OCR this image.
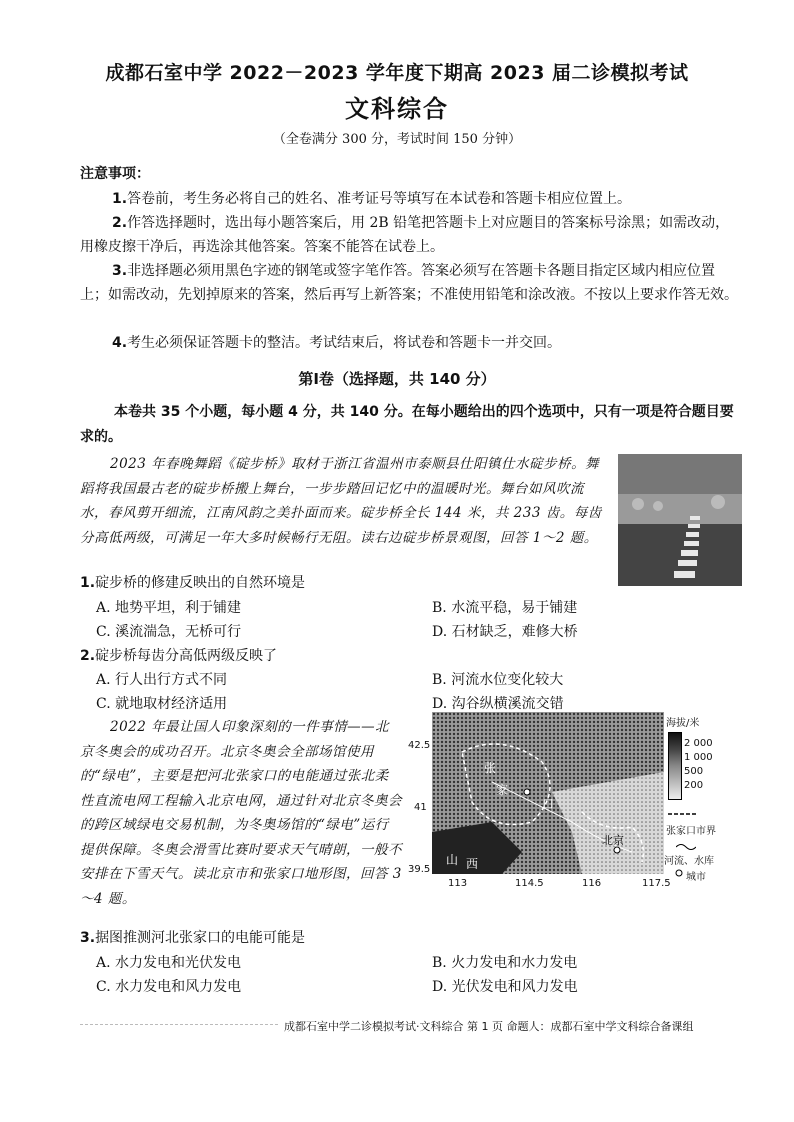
成都石室中学 2022－2023 学年度下期高 2023 届二诊模拟考试
文科综合
（全卷满分 300 分，考试时间 150 分钟）
注意事项：
1.答卷前，考生务必将自己的姓名、准考证号等填写在本试卷和答题卡相应位置上。
2.作答选择题时，选出每小题答案后，用 2B 铅笔把答题卡上对应题目的答案标号涂黑；如需改动，用橡皮擦干净后，再选涂其他答案。答案不能答在试卷上。
3.非选择题必须用黑色字迹的钢笔或签字笔作答。答案必须写在答题卡各题目指定区域内相应位置上；如需改动，先划掉原来的答案，然后再写上新答案；不准使用铅笔和涂改液。不按以上要求作答无效。
4.考生必须保证答题卡的整洁。考试结束后，将试卷和答题卡一并交回。
第Ⅰ卷（选择题，共 140 分）
本卷共 35 个小题，每小题 4 分，共 140 分。在每小题给出的四个选项中，只有一项是符合题目要求的。
2023 年春晚舞蹈《碇步桥》取材于浙江省温州市泰顺县仕阳镇仕水碇步桥。舞蹈将我国最古老的碇步桥搬上舞台，一步步踏回记忆中的温暖时光。舞台如风吹流水，春风剪开细流，江南风韵之美扑面而来。碇步桥全长 144 米，共 233 齿。每齿分高低两级，可满足一年大多时候畅行无阻。读右边碇步桥景观图，回答 1～2 题。
1.碇步桥的修建反映出的自然环境是
A. 地势平坦，利于铺建	B. 水流平稳，易于铺建
C. 溪流湍急，无桥可行	D. 石材缺乏，难修大桥
2.碇步桥每齿分高低两级反映了
A. 行人出行方式不同	B. 河流水位变化较大
C. 就地取材经济适用	D. 沟谷纵横溪流交错
2022 年最让国人印象深刻的一件事情——北京冬奥会的成功召开。北京冬奥会全部场馆使用的“绿电”，主要是把河北张家口的电能通过张北柔性直流电网工程输入北京电网，通过针对北京冬奥会的跨区域绿电交易机制，为冬奥场馆的“绿电”运行提供保障。冬奥会滑雪比赛时要求天气晴朗，一般不安排在下雪天气。读北京市和张家口地形图，回答 3～4 题。
张
家
口
北京
山 西
42.5
41
39.5
113	114.5	116	117.5
海拔/米
2 000
1 000
500
200
张家口市界
河流、水库
城市
3.据图推测河北张家口的电能可能是
A. 水力发电和光伏发电	B. 火力发电和水力发电
C. 水力发电和风力发电	D. 光伏发电和风力发电
成都石室中学二诊模拟考试·文科综合 第 1 页 命题人：成都石室中学文科综合备课组
